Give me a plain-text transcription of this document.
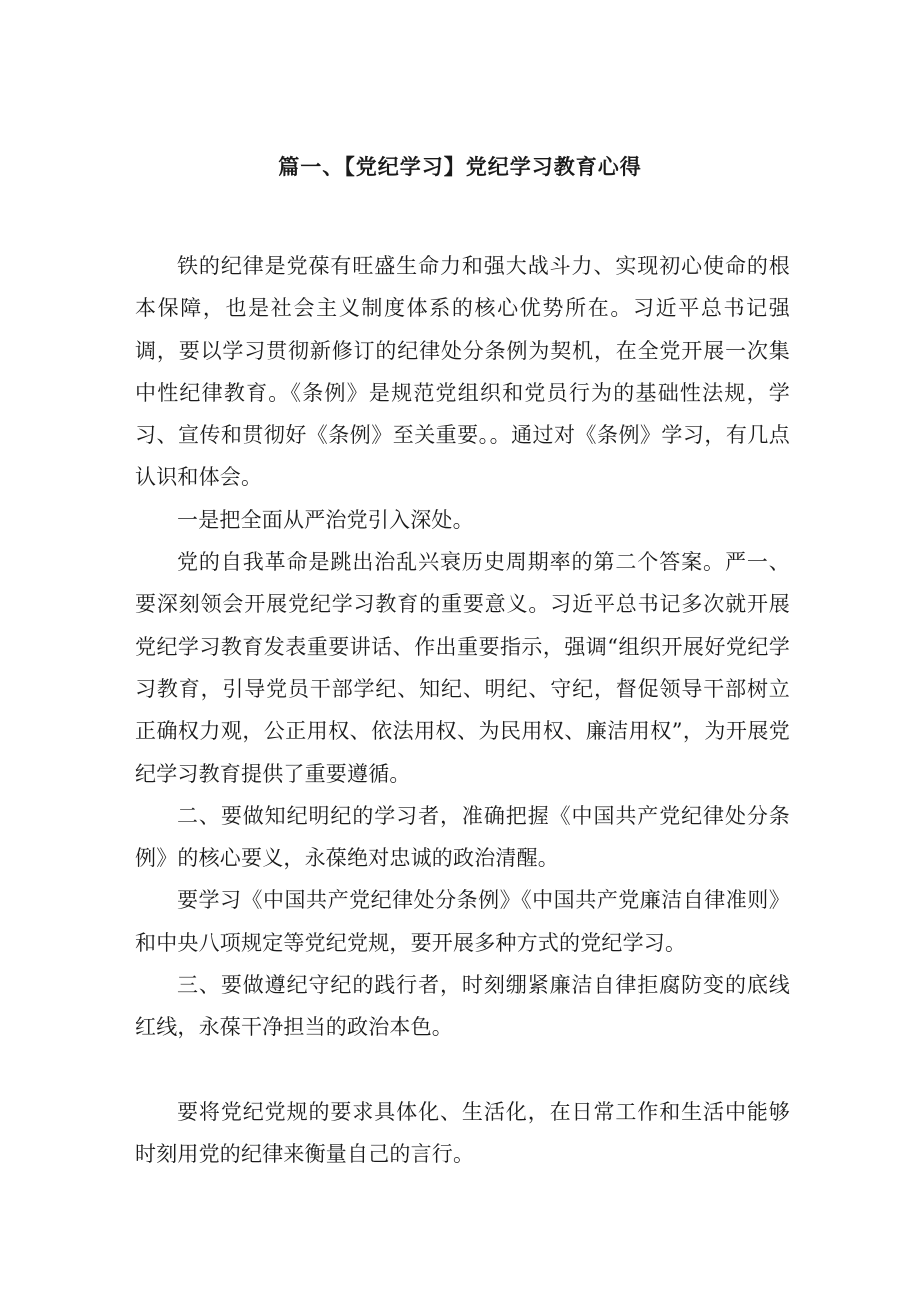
篇一、【党纪学习】党纪学习教育心得

铁的纪律是党葆有旺盛生命力和强大战斗力、实现初心使命的根本保障，也是社会主义制度体系的核心优势所在。习近平总书记强调，要以学习贯彻新修订的纪律处分条例为契机，在全党开展一次集中性纪律教育。《条例》是规范党组织和党员行为的基础性法规，学习、宣传和贯彻好《条例》至关重要。。通过对《条例》学习，有几点认识和体会。

一是把全面从严治党引入深处。

党的自我革命是跳出治乱兴衰历史周期率的第二个答案。严一、要深刻领会开展党纪学习教育的重要意义。习近平总书记多次就开展党纪学习教育发表重要讲话、作出重要指示，强调“组织开展好党纪学习教育，引导党员干部学纪、知纪、明纪、守纪，督促领导干部树立正确权力观，公正用权、依法用权、为民用权、廉洁用权”，为开展党纪学习教育提供了重要遵循。

二、要做知纪明纪的学习者，准确把握《中国共产党纪律处分条例》的核心要义，永葆绝对忠诚的政治清醒。

要学习《中国共产党纪律处分条例》《中国共产党廉洁自律准则》和中央八项规定等党纪党规，要开展多种方式的党纪学习。

三、要做遵纪守纪的践行者，时刻绷紧廉洁自律拒腐防变的底线红线，永葆干净担当的政治本色。

要将党纪党规的要求具体化、生活化，在日常工作和生活中能够时刻用党的纪律来衡量自己的言行。
